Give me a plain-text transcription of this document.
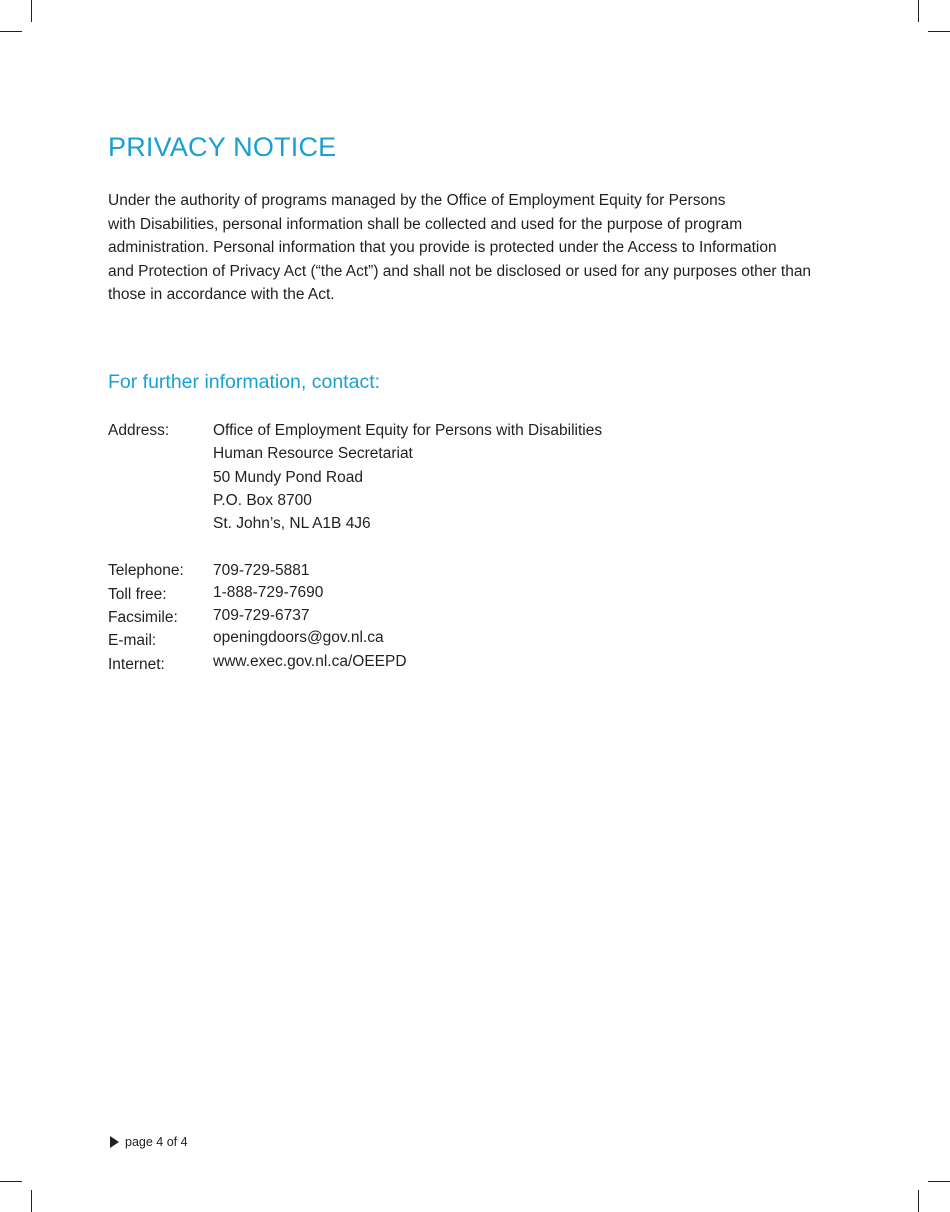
PRIVACY NOTICE
Under the authority of programs managed by the Office of Employment Equity for Persons
with Disabilities, personal information shall be collected and used for the purpose of program
administration. Personal information that you provide is protected under the Access to Information
and Protection of Privacy Act (“the Act”) and shall not be disclosed or used for any purposes other than
those in accordance with the Act.
For further information, contact:
Address:	Office of Employment Equity for Persons with Disabilities
Human Resource Secretariat
50 Mundy Pond Road
P.O. Box 8700
St. John’s, NL A1B 4J6
Telephone: 709-729-5881
Toll free:	1-888-729-7690
Facsimile: 709-729-6737
E-mail:	openingdoors@gov.nl.ca
Internet:	www.exec.gov.nl.ca/OEEPD
page 4 of 4
